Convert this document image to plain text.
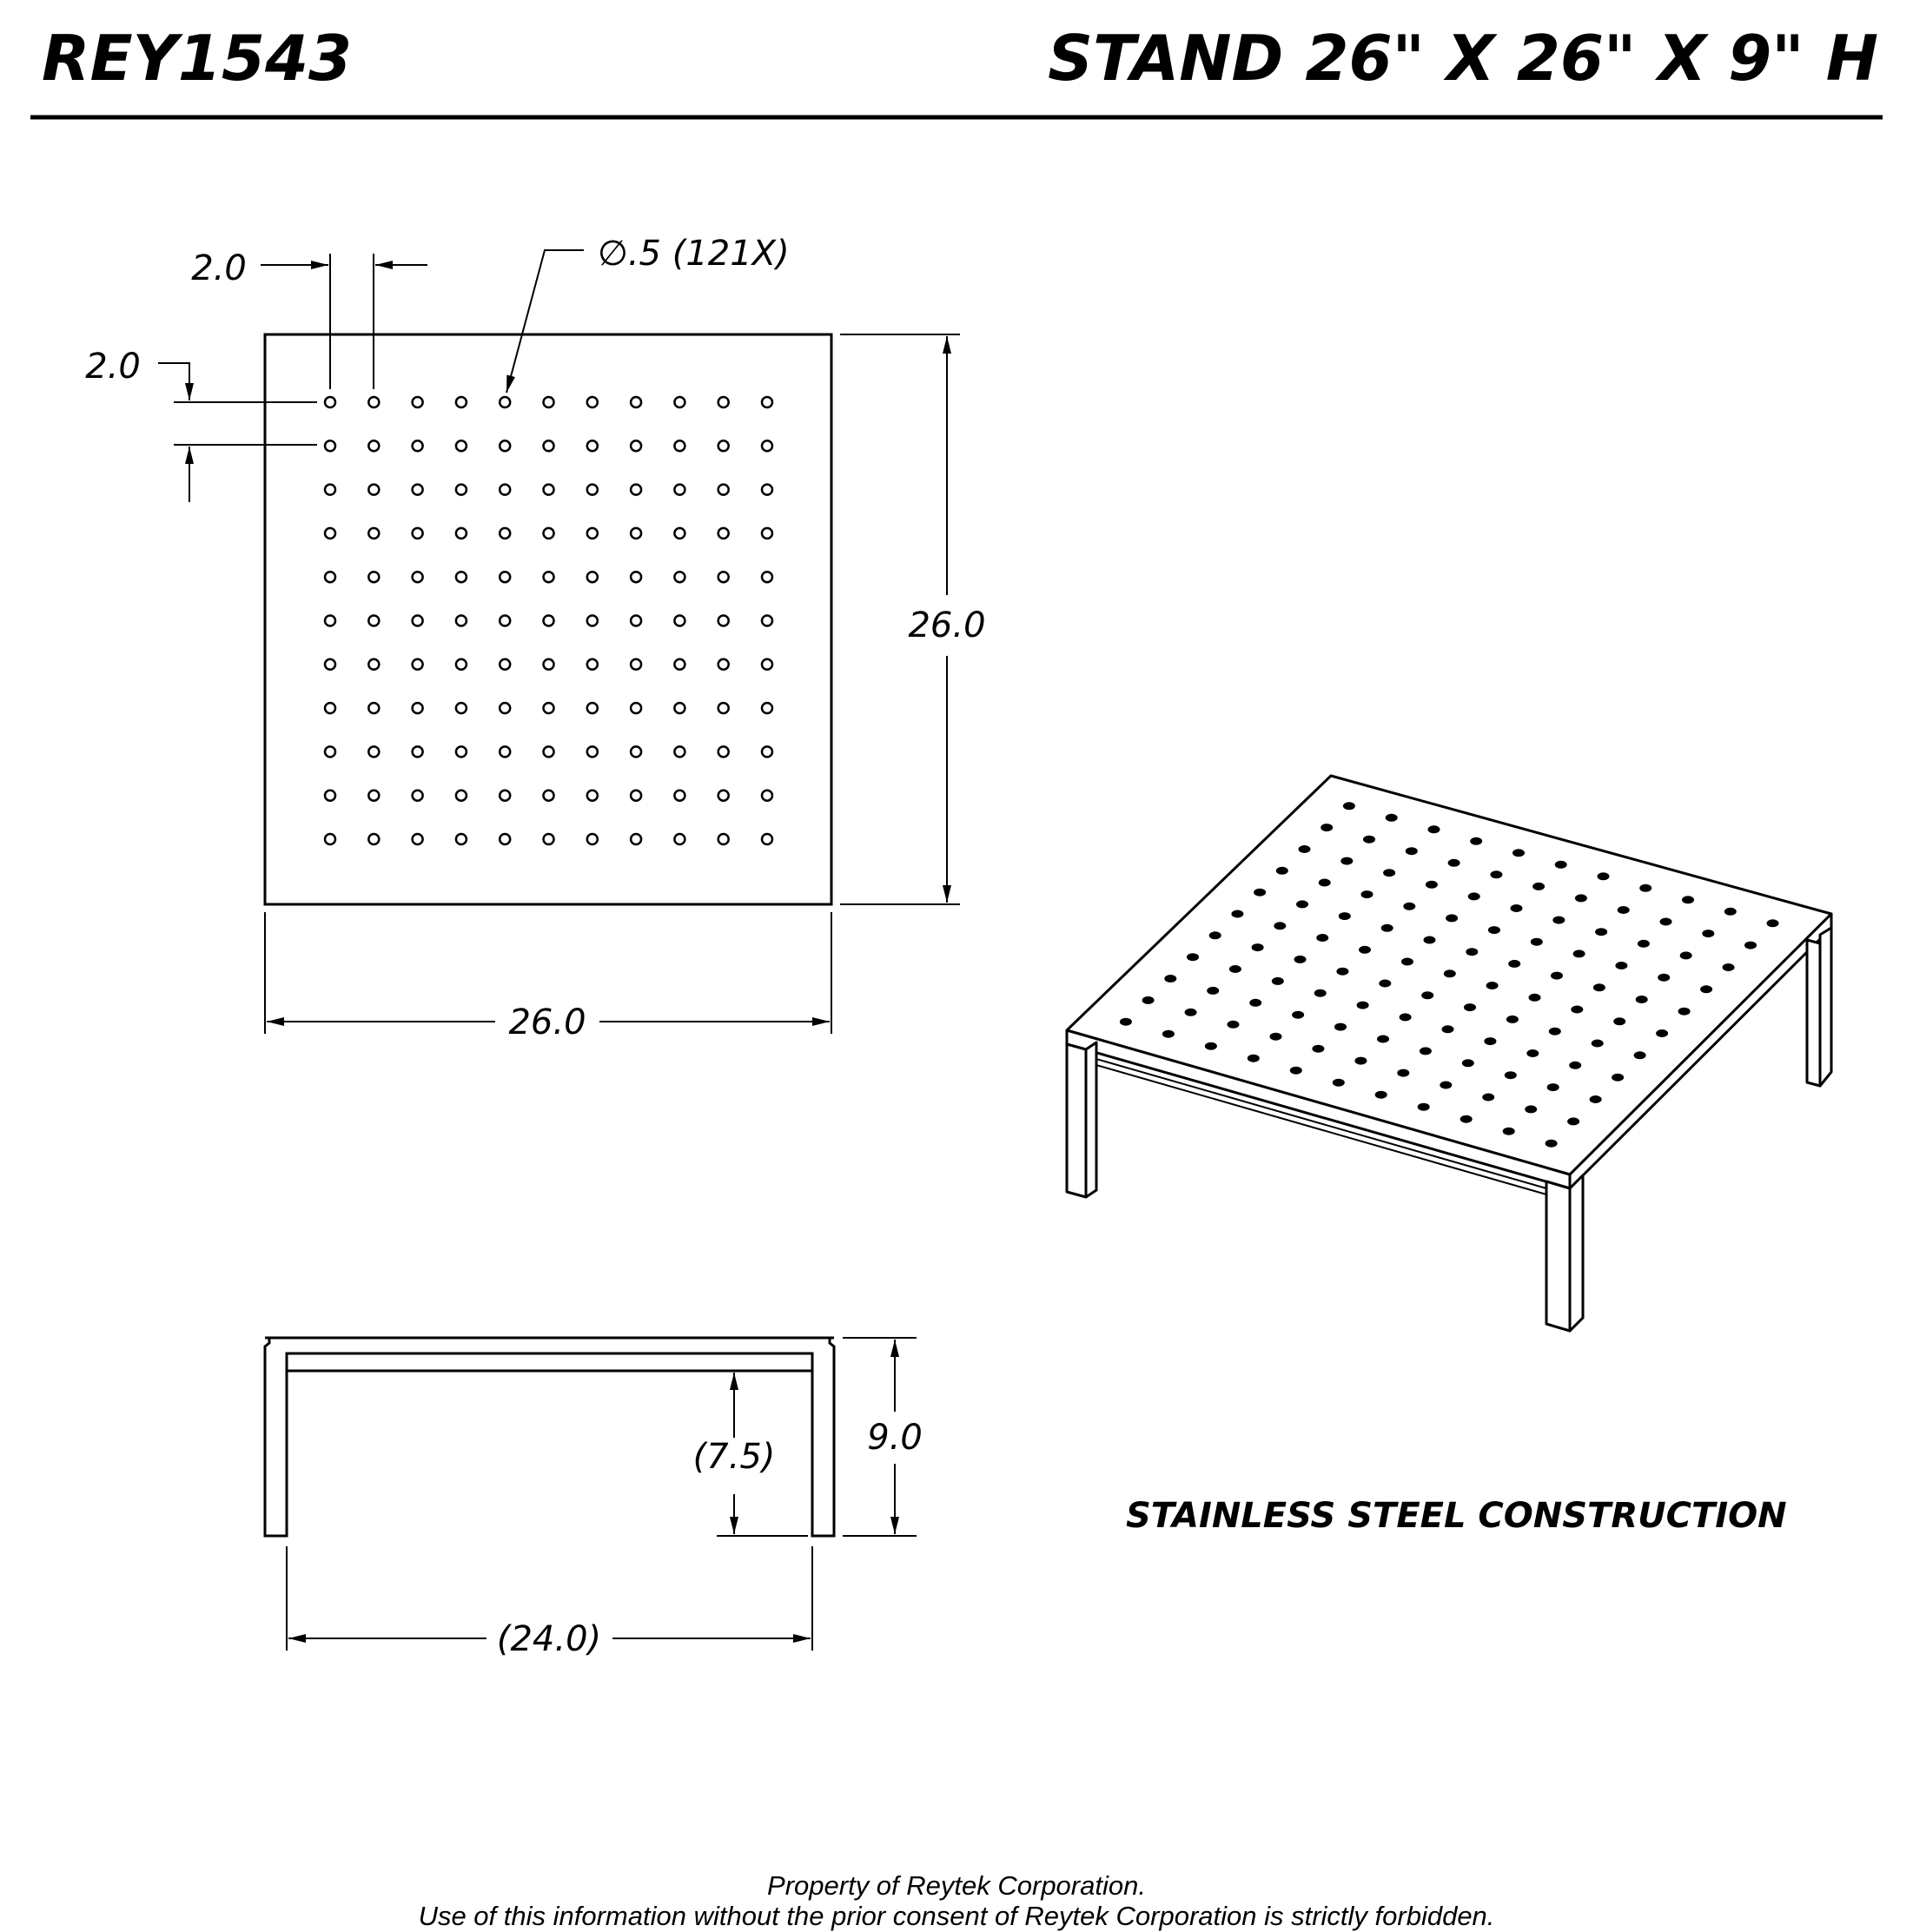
REY1543	STAND 26" X 26" X 9" H
2.0
2.0
∅.5 (121X)
26.0
26.0
(7.5)	9.0
(24.0)
STAINLESS STEEL CONSTRUCTION
Property of Reytek Corporation.
Use of this information without the prior consent of Reytek Corporation is strictly forbidden.
